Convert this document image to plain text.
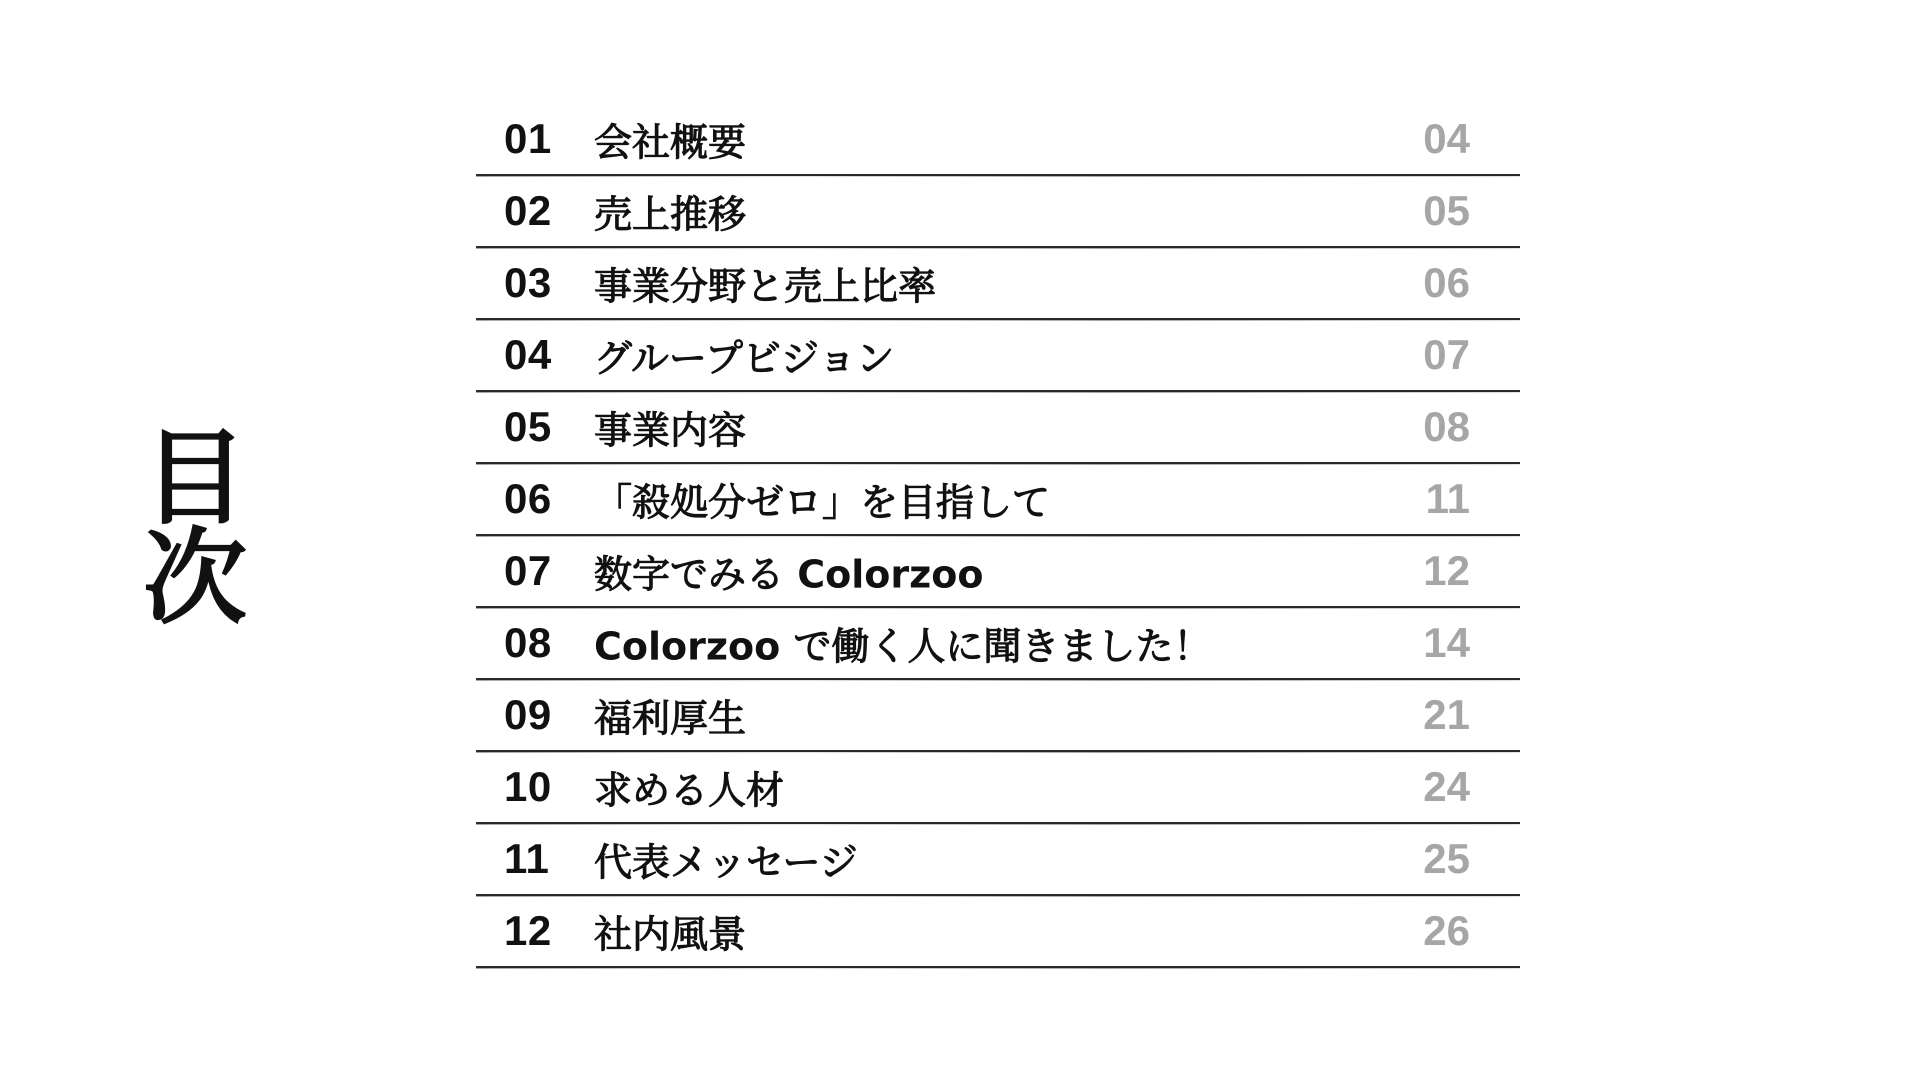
目
次
01 会社概要	04
02 売上推移	05
03 事業分野と売上比率	06
04 グループビジョン	07
05 事業内容	08
06 「殺処分ゼロ」を目指して	11
07 数字でみる Colorzoo	12
08 Colorzoo で働く人に聞きました！	14
09 福利厚生	21
10 求める人材	24
11 代表メッセージ	25
12 社内風景	26
